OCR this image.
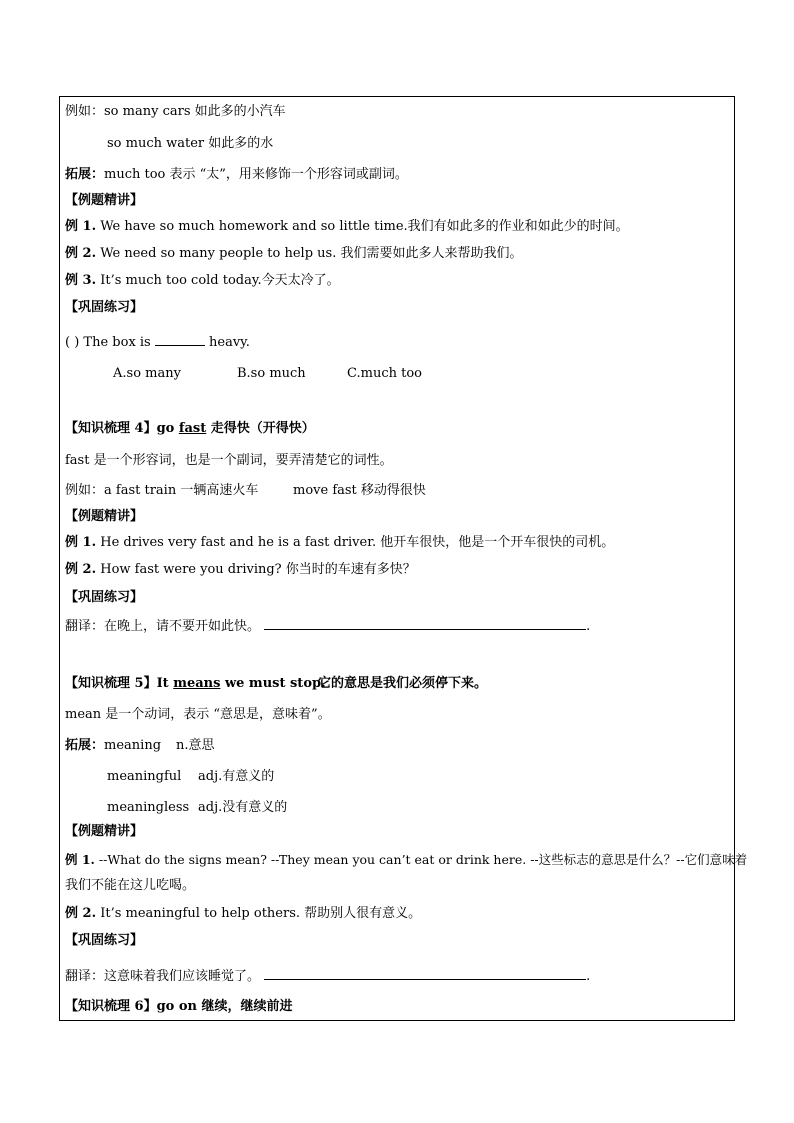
例如：so many cars 如此多的小汽车
so much water 如此多的水
拓展：much too 表示 “太”，用来修饰一个形容词或副词。
【例题精讲】
例 1. We have so much homework and so little time.我们有如此多的作业和如此少的时间。
例 2. We need so many people to help us. 我们需要如此多人来帮助我们。
例 3. It’s much too cold today.今天太冷了。
【巩固练习】
( ) The box is	heavy.
A.so many	B.so much	C.much too
【知识梳理 4】go fast 走得快（开得快）
fast 是一个形容词，也是一个副词，要弄清楚它的词性。
例如：a fast train 一辆高速火车	move fast 移动得很快
【例题精讲】
例 1. He drives very fast and he is a fast driver. 他开车很快，他是一个开车很快的司机。
例 2. How fast were you driving? 你当时的车速有多快？
【巩固练习】
翻译：在晚上，请不要开如此快。	.
【知识梳理 5】It means we must stop.
它的意思是我们必须停下来。
mean 是一个动词，表示 “意思是，意味着”。
拓展：meaning n.意思
meaningful adj.有意义的
meaningless adj.没有意义的
【例题精讲】
例 1. --What do the signs mean? --They mean you can’t eat or drink here. --这些标志的意思是什么？--它们意味着
我们不能在这儿吃喝。
例 2. It’s meaningful to help others. 帮助别人很有意义。
【巩固练习】
翻译：这意味着我们应该睡觉了。	.
【知识梳理 6】go on 继续，继续前进
